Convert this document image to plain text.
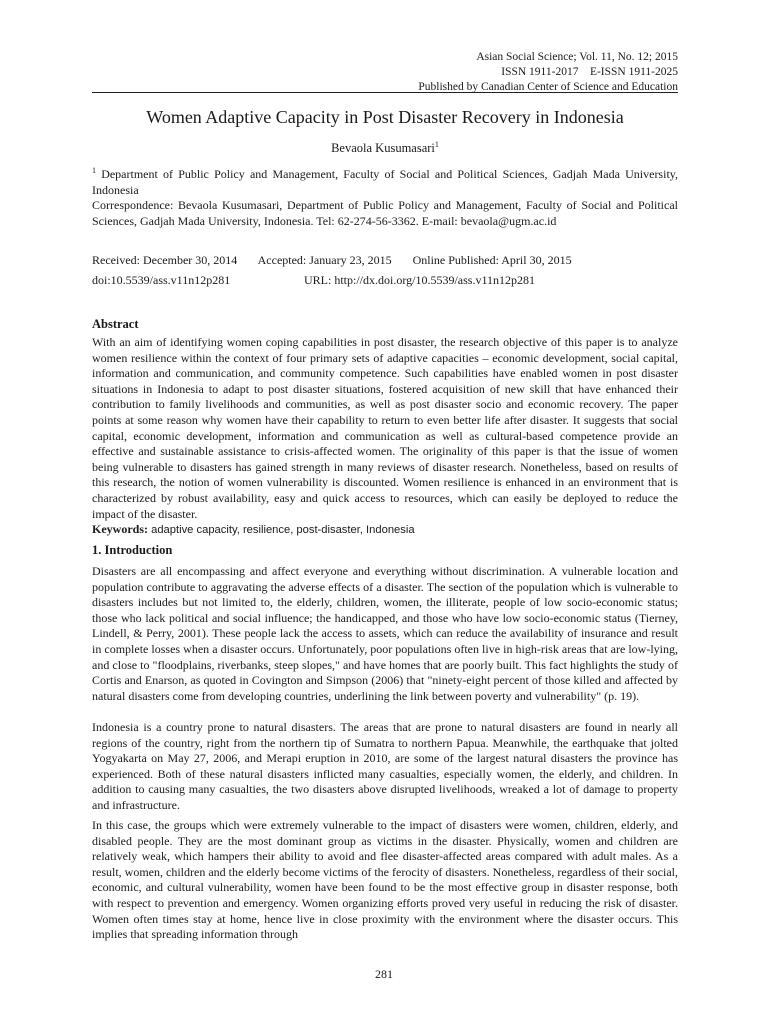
Asian Social Science; Vol. 11, No. 12; 2015
ISSN 1911-2017    E-ISSN 1911-2025
Published by Canadian Center of Science and Education
Women Adaptive Capacity in Post Disaster Recovery in Indonesia
Bevaola Kusumasari$^1$

$^1$ Department of Public Policy and Management, Faculty of Social and Political Sciences, Gadjah Mada University, Indonesia

Correspondence: Bevaola Kusumasari, Department of Public Policy and Management, Faculty of Social and Political Sciences, Gadjah Mada University, Indonesia. Tel: 62-274-56-3362. E-mail: bevaola@ugm.ac.id

Received: December 30, 2014 Accepted: January 23, 2015 Online Published: April 30, 2015
doi:10.5539/ass.v11n12p281	URL: http://dx.doi.org/10.5539/ass.v11n12p281
Abstract

With an aim of identifying women coping capabilities in post disaster, the research objective of this paper is to analyze women resilience within the context of four primary sets of adaptive capacities – economic development, social capital, information and communication, and community competence. Such capabilities have enabled women in post disaster situations in Indonesia to adapt to post disaster situations, fostered acquisition of new skill that have enhanced their contribution to family livelihoods and communities, as well as post disaster socio and economic recovery. The paper points at some reason why women have their capability to return to even better life after disaster. It suggests that social capital, economic development, information and communication as well as cultural-based competence provide an effective and sustainable assistance to crisis-affected women. The originality of this paper is that the issue of women being vulnerable to disasters has gained strength in many reviews of disaster research. Nonetheless, based on results of this research, the notion of women vulnerability is discounted. Women resilience is enhanced in an environment that is characterized by robust availability, easy and quick access to resources, which can easily be deployed to reduce the impact of the disaster.

Keywords: adaptive capacity, resilience, post-disaster, Indonesia

1. Introduction

Disasters are all encompassing and affect everyone and everything without discrimination. A vulnerable location and population contribute to aggravating the adverse effects of a disaster. The section of the population which is vulnerable to disasters includes but not limited to, the elderly, children, women, the illiterate, people of low socio-economic status; those who lack political and social influence; the handicapped, and those who have low socio-economic status (Tierney, Lindell, & Perry, 2001). These people lack the access to assets, which can reduce the availability of insurance and result in complete losses when a disaster occurs. Unfortunately, poor populations often live in high-risk areas that are low-lying, and close to "floodplains, riverbanks, steep slopes," and have homes that are poorly built. This fact highlights the study of Cortis and Enarson, as quoted in Covington and Simpson (2006) that "ninety-eight percent of those killed and affected by natural disasters come from developing countries, underlining the link between poverty and vulnerability" (p. 19).

Indonesia is a country prone to natural disasters. The areas that are prone to natural disasters are found in nearly all regions of the country, right from the northern tip of Sumatra to northern Papua. Meanwhile, the earthquake that jolted Yogyakarta on May 27, 2006, and Merapi eruption in 2010, are some of the largest natural disasters the province has experienced. Both of these natural disasters inflicted many casualties, especially women, the elderly, and children. In addition to causing many casualties, the two disasters above disrupted livelihoods, wreaked a lot of damage to property and infrastructure.

In this case, the groups which were extremely vulnerable to the impact of disasters were women, children, elderly, and disabled people. They are the most dominant group as victims in the disaster. Physically, women and children are relatively weak, which hampers their ability to avoid and flee disaster-affected areas compared with adult males. As a result, women, children and the elderly become victims of the ferocity of disasters. Nonetheless, regardless of their social, economic, and cultural vulnerability, women have been found to be the most effective group in disaster response, both with respect to prevention and emergency. Women organizing efforts proved very useful in reducing the risk of disaster. Women often times stay at home, hence live in close proximity with the environment where the disaster occurs. This implies that spreading information through

281
